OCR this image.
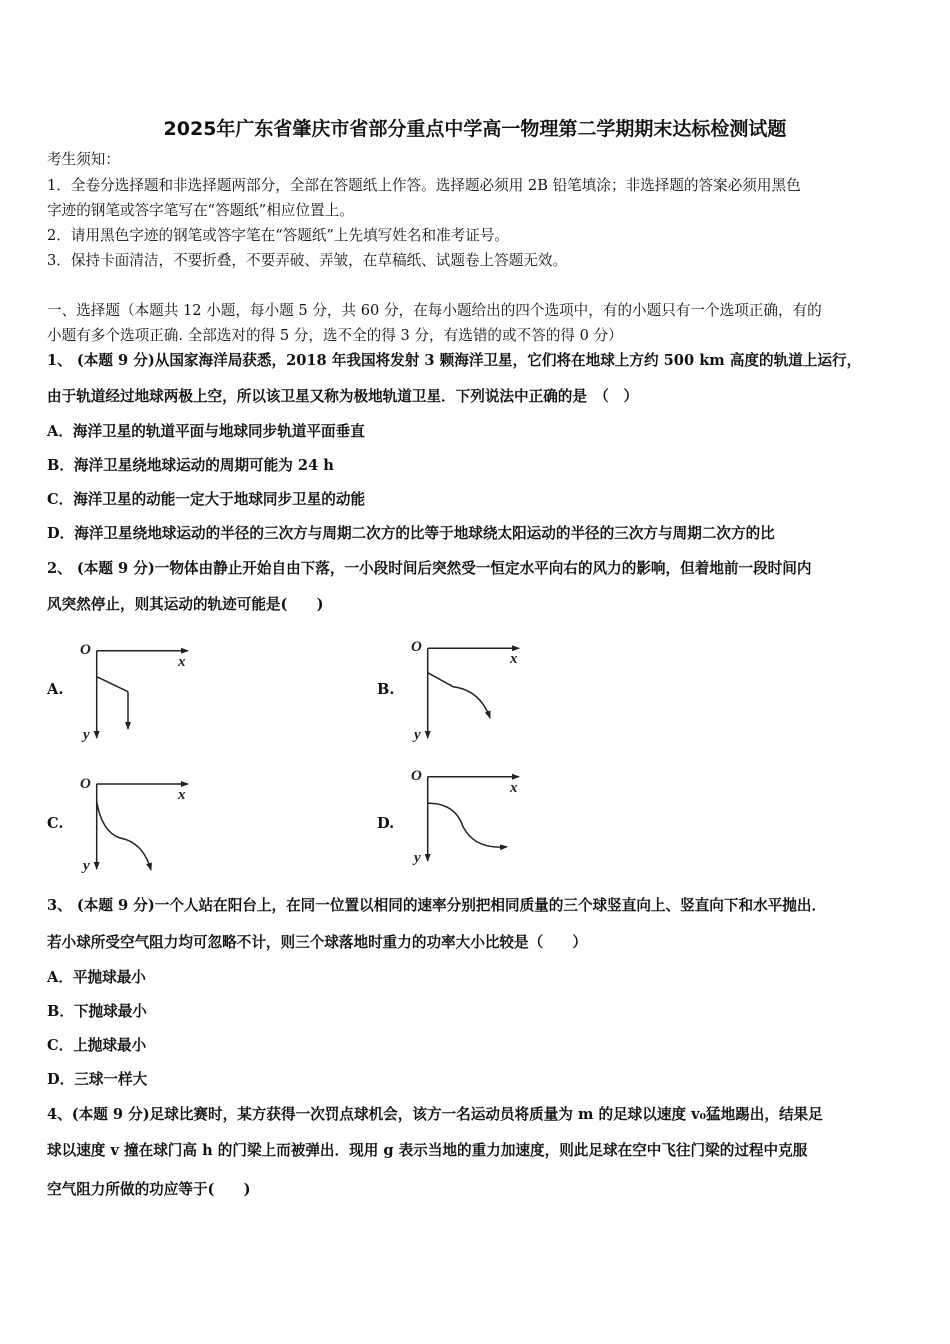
2025年广东省肇庆市省部分重点中学高一物理第二学期期末达标检测试题
考生须知：
1．全卷分选择题和非选择题两部分，全部在答题纸上作答。选择题必须用 2B 铅笔填涂；非选择题的答案必须用黑色
字迹的钢笔或答字笔写在“答题纸”相应位置上。
2．请用黑色字迹的钢笔或答字笔在“答题纸”上先填写姓名和准考证号。
3．保持卡面清洁，不要折叠，不要弄破、弄皱，在草稿纸、试题卷上答题无效。
一、选择题（本题共 12 小题，每小题 5 分，共 60 分，在每小题给出的四个选项中，有的小题只有一个选项正确，有的
小题有多个选项正确. 全部选对的得 5 分，选不全的得 3 分，有选错的或不答的得 0 分）
1、 (本题 9 分)从国家海洋局获悉，2018 年我国将发射 3 颗海洋卫星，它们将在地球上方约 500 km 高度的轨道上运行，
由于轨道经过地球两极上空，所以该卫星又称为极地轨道卫星．下列说法中正确的是　（　）
A．海洋卫星的轨道平面与地球同步轨道平面垂直
B．海洋卫星绕地球运动的周期可能为 24 h
C．海洋卫星的动能一定大于地球同步卫星的动能
D．海洋卫星绕地球运动的半径的三次方与周期二次方的比等于地球绕太阳运动的半径的三次方与周期二次方的比
2、 (本题 9 分)一物体由静止开始自由下落，一小段时间后突然受一恒定水平向右的风力的影响，但着地前一段时间内
风突然停止，则其运动的轨迹可能是(　　)
A.	B.
C.	D.
O
x
y
O
x
y
O
x
y
O
x
y
3、 (本题 9 分)一个人站在阳台上，在同一位置以相同的速率分别把相同质量的三个球竖直向上、竖直向下和水平抛出．
若小球所受空气阻力均可忽略不计，则三个球落地时重力的功率大小比较是（　　）
A．平抛球最小
B．下抛球最小
C．上抛球最小
D．三球一样大
4、(本题 9 分)足球比赛时，某方获得一次罚点球机会，该方一名运动员将质量为 m 的足球以速度 v₀猛地踢出，结果足
球以速度 v 撞在球门高 h 的门梁上而被弹出．现用 g 表示当地的重力加速度，则此足球在空中飞往门梁的过程中克服
空气阻力所做的功应等于(　　)
